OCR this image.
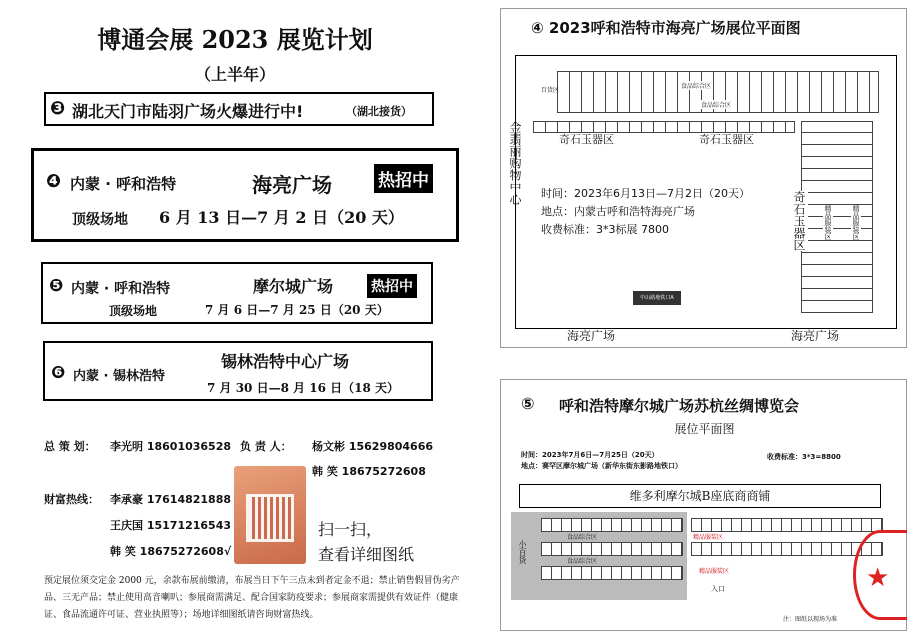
博通会展 2023 展览计划
（上半年）
❸ 湖北天门市陆羽广场火爆进行中!	（湖北接货）
❹ 内蒙 · 呼和浩特	海亮广场	热招中
顶级场地 6 月 13 日—7 月 2 日（20 天）
❺ 内蒙 · 呼和浩特	摩尔城广场	热招中
顶级场地	7 月 6 日—7 月 25 日（20 天）
❻ 内蒙 · 锡林浩特
锡林浩特中心广场
7 月 30 日—8 月 16 日（18 天）
总 策 划： 李光明 18601036528 负 责 人： 杨文彬 15629804666
韩 笑 18675272608
财富热线： 李承豪 17614821888
王庆国 15171216543
韩 笑 18675272608√
扫一扫，
查看详细图纸
预定展位须交定金 2000 元，余款布展前缴清，布展当日下午三点未到者定金不退；禁止销售假冒伪劣产品、三无产品；禁止使用高音喇叭；参展商需满足、配合国家防疫要求；参展商家需提供有效证件（健康证、食品流通许可证、营业执照等）；场地详细图纸请咨询财富热线。
④ 2023呼和浩特市海亮广场展位平面图
金翡丽购物中心
百货区
食品综合区
食品综合区
奇石玉器区	奇石玉器区
奇石玉器区	精品服装区	精品服装区
时间：2023年6月13日—7月2日（20天）
地点：内蒙古呼和浩特海亮广场
收费标准：3*3标展 7800
中山路地铁口A
海亮广场	海亮广场
⑤ 呼和浩特摩尔城广场苏杭丝绸博览会
展位平面图
时间：2023年7月6日—7月25日（20天）	收费标准：3*3=8800
地点：赛罕区摩尔城广场（新华东街东影路地铁口）
维多利摩尔城B座底商商铺
小百货
食品综合区
食品综合区
精品服装区
精品服装区
入口
注：图纸以现场为准
★
